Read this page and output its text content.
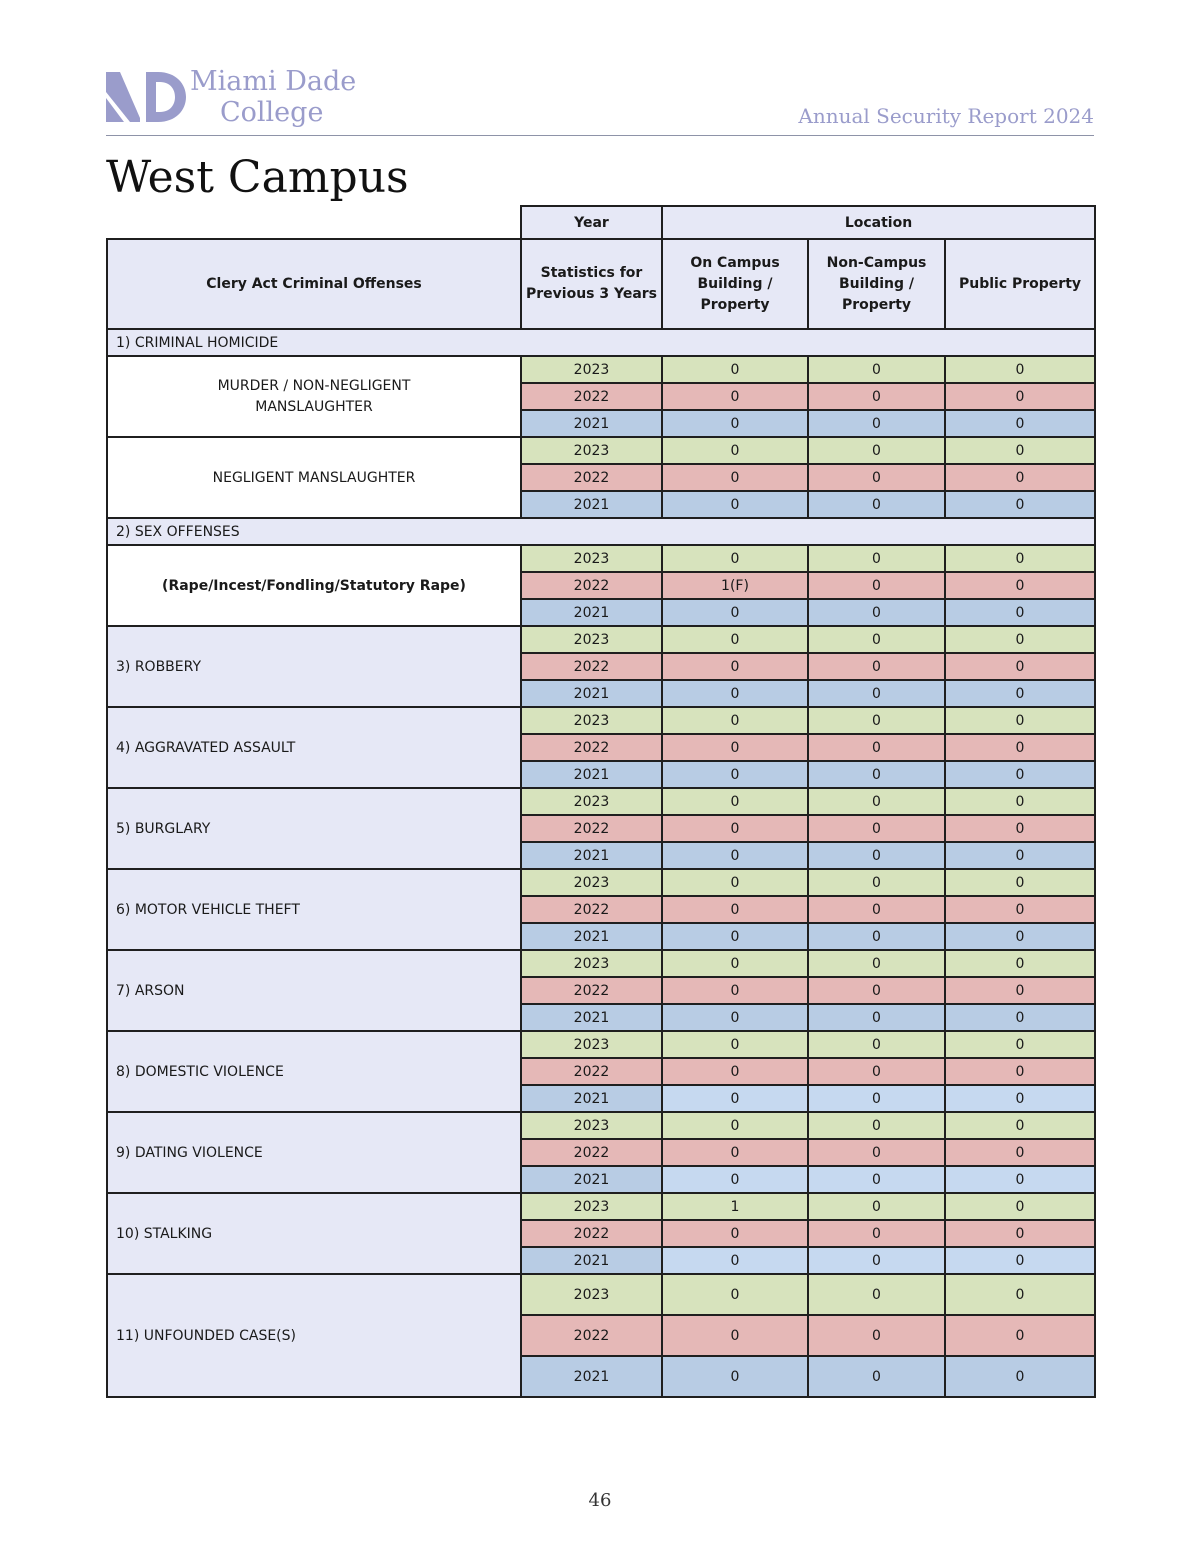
Miami Dade
College	Annual Security Report 2024
West Campus
	Year	Location		
Clery Act Criminal Offenses	Statistics for Previous 3 Years	On Campus Building / Property	Non-Campus Building / Property	Public Property
1) CRIMINAL HOMICIDE				
MURDER / NON-NEGLIGENT MANSLAUGHTER	2023	0	0	0
	2022	0	0	0
	2021	0	0	0
NEGLIGENT MANSLAUGHTER	2023	0	0	0
	2022	0	0	0
	2021	0	0	0
2) SEX OFFENSES				
(Rape/Incest/Fondling/Statutory Rape)	2023	0	0	0
	2022	1(F)	0	0
	2021	0	0	0
3) ROBBERY	2023	0	0	0
	2022	0	0	0
	2021	0	0	0
4) AGGRAVATED ASSAULT	2023	0	0	0
	2022	0	0	0
	2021	0	0	0
5) BURGLARY	2023	0	0	0
	2022	0	0	0
	2021	0	0	0
6) MOTOR VEHICLE THEFT	2023	0	0	0
	2022	0	0	0
	2021	0	0	0
7) ARSON	2023	0	0	0
	2022	0	0	0
	2021	0	0	0
8) DOMESTIC VIOLENCE	2023	0	0	0
	2022	0	0	0
	2021	0	0	0
9) DATING VIOLENCE	2023	0	0	0
	2022	0	0	0
	2021	0	0	0
10) STALKING	2023	1	0	0
	2022	0	0	0
	2021	0	0	0
11) UNFOUNDED CASE(S)	2023	0	0	0
	2022	0	0	0
	2021	0	0	0
46
